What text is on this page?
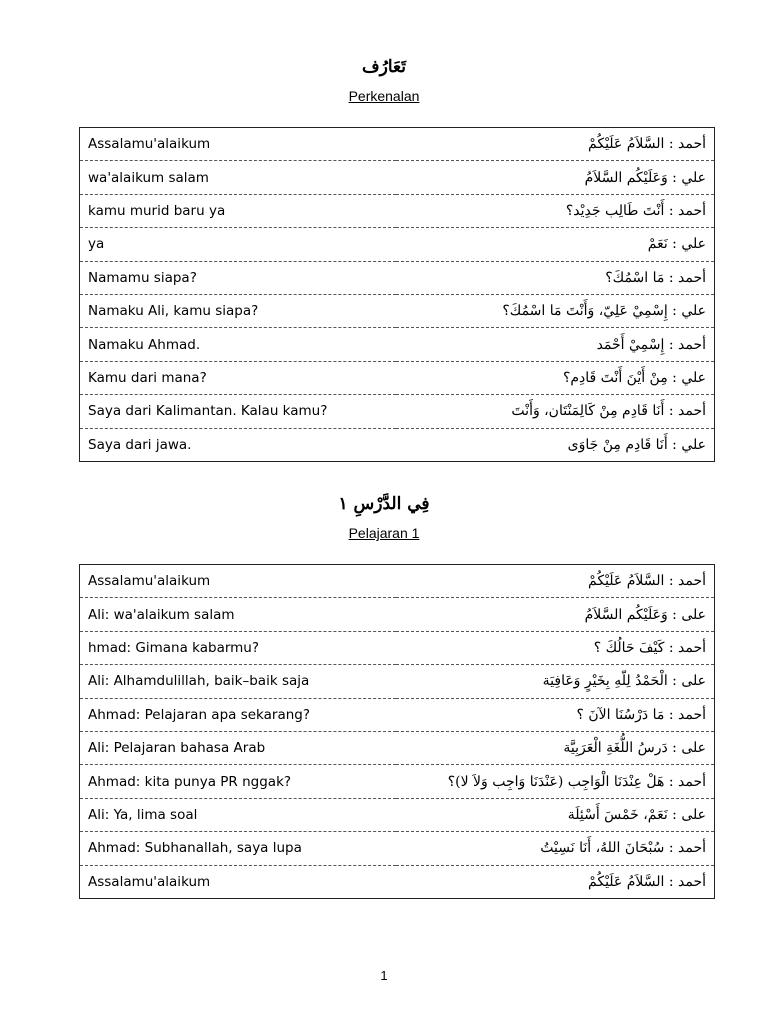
تَعَارُف
Perkenalan
Assalamu'alaikum	أحمد : السَّلاَمُ عَلَيْكُمْ
wa'alaikum salam	علي : وَعَلَيْكُم السَّلاَمُ
kamu murid baru ya	أحمد : أَنْتَ طَالِب جَدِيْد؟
ya	علي : نَعَمْ
Namamu siapa?	أحمد : مَا اسْمُكَ؟
Namaku Ali, kamu siapa?	علي : إِسْمِيْ عَلِيّ، وَأَنْتَ مَا اسْمُكَ؟
Namaku Ahmad.	أحمد : إِسْمِيْ أَحْمَد
Kamu dari mana?	علي : مِنْ أَيْنَ أَنْتَ قَادِم؟
Saya dari Kalimantan. Kalau kamu?	أحمد : أَنَا قَادِم مِنْ كَالِمَنْتَان، وَأَنْتَ
Saya dari jawa.	علي : أَنَا قَادِم مِنْ جَاوَى
فِي الدَّرْسِ ١
Pelajaran 1
Assalamu'alaikum	أحمد : السَّلاَمُ عَلَيْكُمْ
Ali: wa'alaikum salam	على : وَعَلَيْكُم السَّلاَمُ
hmad: Gimana kabarmu?	أحمد : كَيْفَ حَالُكَ ؟
Ali: Alhamdulillah, baik–baik saja	على : الْحَمْدُ لِلّهِ بِخَيْرٍ وَعَافِيَة
Ahmad: Pelajaran apa sekarang?	أحمد : مَا دَرْسُنَا الآنَ ؟
Ali: Pelajaran bahasa Arab	على : دَرسُ اللُّغَةِ الْعَرَبِيَّة
Ahmad: kita punya PR nggak?	أحمد : هَلْ عِنْدَنَا الْوَاجِب (عَنْدَنَا وَاجِب وَلاَ لا)؟
Ali: Ya, lima soal	على : نَعَمْ، خَمْسَ أَسْئِلَة
Ahmad: Subhanallah, saya lupa	أحمد : سُبْحَانَ اللهُ، أَنَا نَسِيْتُ
Assalamu'alaikum	أحمد : السَّلاَمُ عَلَيْكُمْ
1
